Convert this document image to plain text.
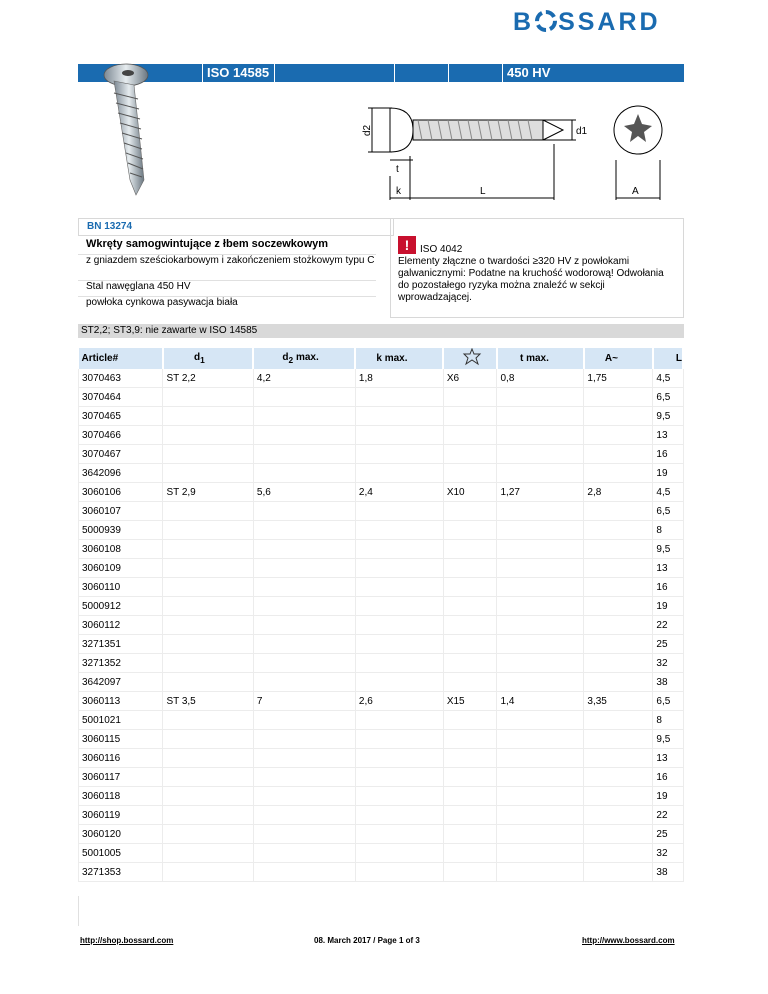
B SSARD
ISO 14585 C
450 HV
d2	d1
t
k	L	A
BN 13274
Wkręty samogwintujące z łbem soczewkowym
z gniazdem sześciokarbowym i zakończeniem stożkowym typu C
Stal nawęglana 450 HV
powłoka cynkowa pasywacja biała
!	ISO 4042
Elementy złączne o twardości ≥320 HV z powłokami galwanicznymi: Podatne na kruchość wodorową! Odwołania do pozostałego ryzyka można znaleźć w sekcji wprowadzającej.
ST2,2; ST3,9: nie zawarte w ISO 14585
Article#	$d_1$	$d_2$ max.	k max.		t max.	A~	L
3070463	ST 2,2	4,2	1,8	X6	0,8	1,75	4,5
3070464							6,5
3070465							9,5
3070466							13
3070467							16
3642096							19
3060106	ST 2,9	5,6	2,4	X10	1,27	2,8	4,5
3060107							6,5
5000939							8
3060108							9,5
3060109							13
3060110							16
5000912							19
3060112							22
3271351							25
3271352							32
3642097							38
3060113	ST 3,5	7	2,6	X15	1,4	3,35	6,5
5001021							8
3060115							9,5
3060116							13
3060117							16
3060118							19
3060119							22
3060120							25
5001005							32
3271353							38
http://shop.bossard.com	08. March 2017 / Page 1 of 3	http://www.bossard.com
